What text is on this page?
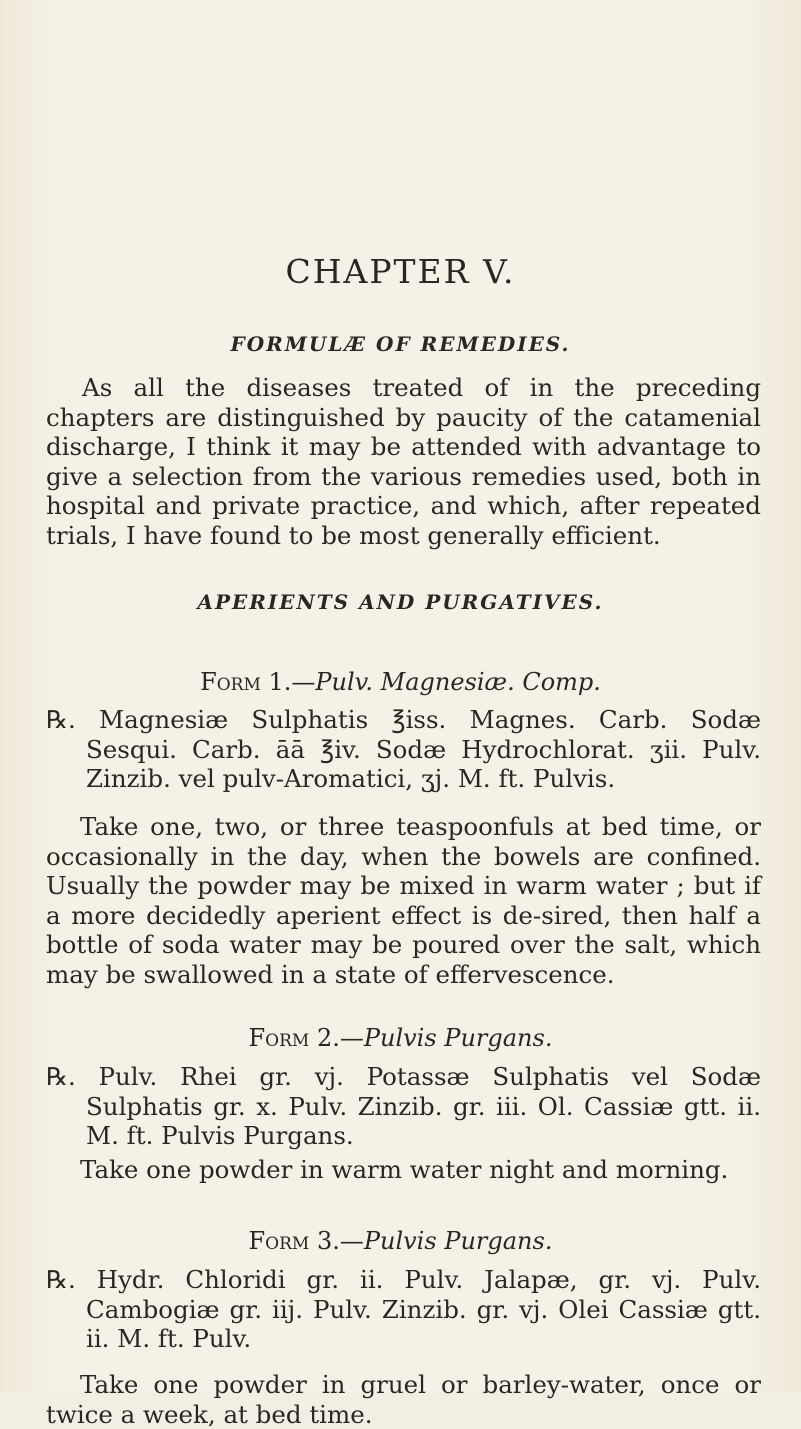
CHAPTER V.
FORMULÆ OF REMEDIES.

As all the diseases treated of in the preceding chapters are distinguished by paucity of the catamenial discharge, I think it may be attended with advantage to give a selection from the various remedies used, both in hospital and private practice, and which, after repeated trials, I have found to be most generally efficient.

APERIENTS AND PURGATIVES.
Form 1.—Pulv. Magnesiæ. Comp.

℞. Magnesiæ Sulphatis ℥iss. Magnes. Carb. Sodæ Sesqui. Carb. āā ℥iv. Sodæ Hydrochlorat. ʒii. Pulv. Zinzib. vel pulv-Aromatici, ʒj. M. ft. Pulvis.

Take one, two, or three teaspoonfuls at bed time, or occasionally in the day, when the bowels are confined. Usually the powder may be mixed in warm water ; but if a more decidedly aperient effect is de-sired, then half a bottle of soda water may be poured over the salt, which may be swallowed in a state of effervescence.

Form 2.—Pulvis Purgans.

℞. Pulv. Rhei gr. vj. Potassæ Sulphatis vel Sodæ Sulphatis gr. x. Pulv. Zinzib. gr. iii. Ol. Cassiæ gtt. ii. M. ft. Pulvis Purgans.

Take one powder in warm water night and morning.

Form 3.—Pulvis Purgans.

℞. Hydr. Chloridi gr. ii. Pulv. Jalapæ, gr. vj. Pulv. Cambogiæ gr. iij. Pulv. Zinzib. gr. vj. Olei Cassiæ gtt. ii. M. ft. Pulv.

Take one powder in gruel or barley-water, once or twice a week, at bed time.
